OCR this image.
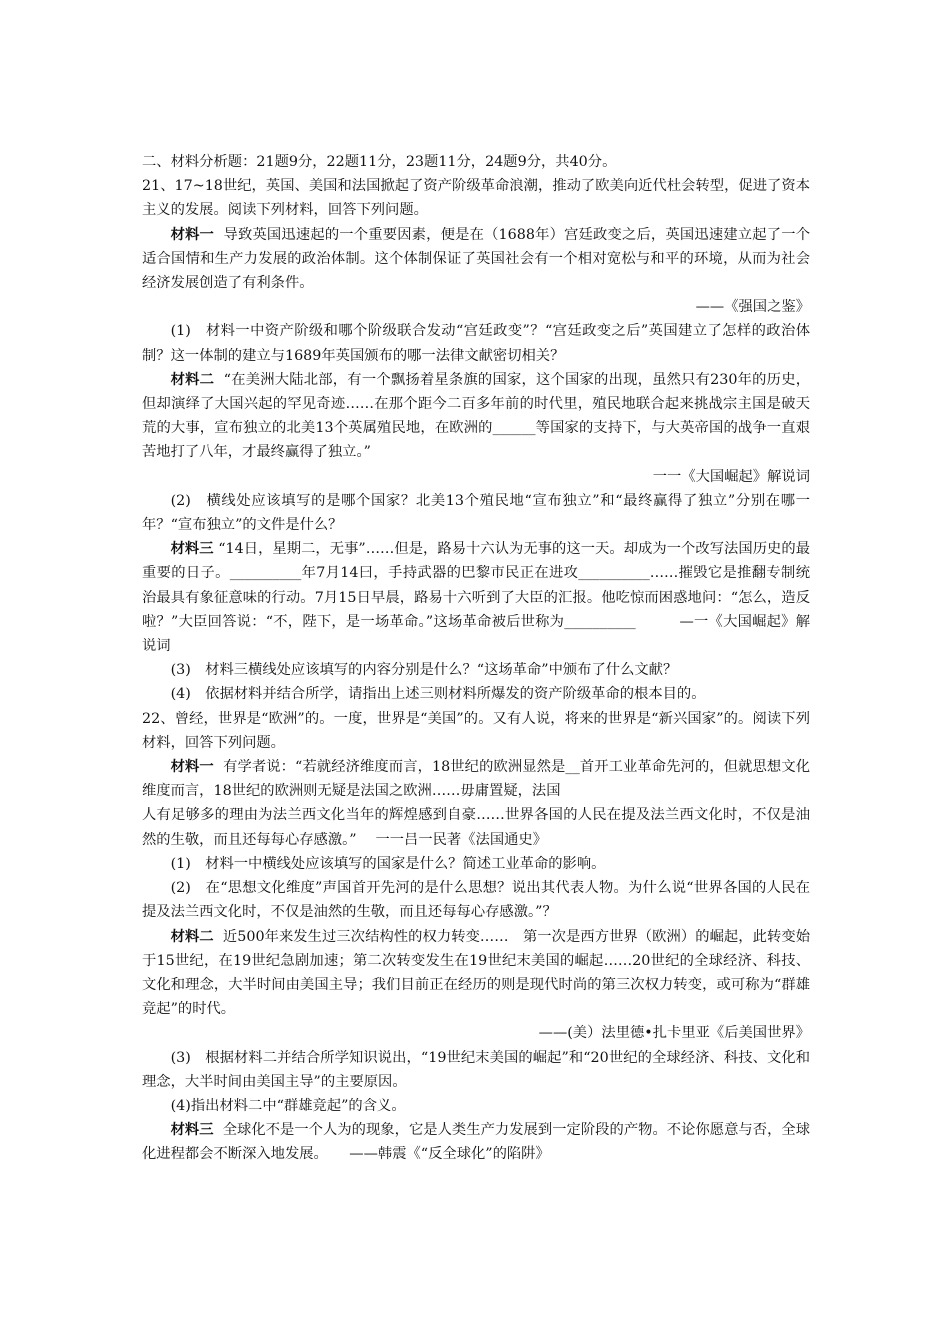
二、材料分析题：21题9分，22题11分，23题11分，24题9分，共40分。

21、17~18世纪，英国、美国和法国掀起了资产阶级革命浪潮，推动了欧美向近代杜会转型，促进了资本主义的发展。阅读下列材料，回答下列问题。

材料一 导致英国迅速起的一个重要因素，便是在（1688年）宫廷政变之后，英国迅速建立起了一个适合国情和生产力发展的政治体制。这个体制保证了英国社会有一个相对宽松与和平的环境，从而为社会经济发展创造了有利条件。

——《强国之鉴》

(1)　材料一中资产阶级和哪个阶级联合发动“宫廷政变”？“宫廷政变之后”英国建立了怎样的政治体制？这一体制的建立与1689年英国颁布的哪一法律文献密切相关？

材料二 “在美洲大陆北部，有一个飘扬着星条旗的国家，这个国家的出现，虽然只有230年的历史，但却演绎了大国兴起的罕见奇迹……在那个距今二百多年前的时代里，殖民地联合起来挑战宗主国是破天荒的大事，宣布独立的北美13个英属殖民地，在欧洲的______等国家的支持下，与大英帝国的战争一直艰苦地打了八年，才最终赢得了独立。”

一一《大国崛起》解说词

(2)　横线处应该填写的是哪个国家？北美13个殖民地“宣布独立”和“最终赢得了独立”分别在哪一年？“宣布独立”的文件是什么？

材料三 “14日，星期二，无事”……但是，路易十六认为无事的这一天。却成为一个改写法国历史的最重要的日子。__________年7月14曰，手持武器的巴黎市民正在进攻__________……摧毁它是推翻专制统治最具有象征意味的行动。7月15日早晨，路易十六听到了大臣的汇报。他吃惊而困惑地问：“怎么，造反啦？”大臣回答说：“不，陛下，是一场革命。”这场革命被后世称为__________　　　—一《大国崛起》解说词

(3)　材料三横线处应该填写的内容分别是什么？“这场革命”中颁布了什么文献？

(4)　依据材料并结合所学，请指出上述三则材料所爆发的资产阶级革命的根本目的。

22、曾经，世界是“欧洲”的。一度，世界是“美国”的。又有人说，将来的世界是“新兴国家”的。阅读下列材料，回答下列问题。

材料一 有学者说：“若就经济维度而言，18世纪的欧洲显然是__首开工业革命先河的，但就思想文化维度而言，18世纪的欧洲则无疑是法国之欧洲……毋庸置疑，法国

人有足够多的理由为法兰西文化当年的辉煌感到自豪……世界各国的人民在提及法兰西文化时，不仅是油然的生敬，而且还每每心存感激。”　 一一吕一民著《法国通史》

(1)　材料一中横线处应该填写的国家是什么？简述工业革命的影响。

(2)　在“思想文化维度”声国首开先河的是什么思想？说出其代表人物。为什么说“世界各国的人民在提及法兰西文化时，不仅是油然的生敬，而且还每每心存感激。”？

材料二 近500年来发生过三次结构性的权力转变……　第一次是西方世界（欧洲）的崛起，此转变始于15世纪，在19世纪急剧加速；第二次转变发生在19世纪末美国的崛起……20世纪的全球经济、科技、文化和理念，大半时间由美国主导；我们目前正在经历的则是现代时尚的第三次权力转变，或可称为“群雄竞起”的时代。

——(美）法里德•扎卡里亚《后美国世界》

(3)　根据材料二并结合所学知识说出，“19世纪末美国的崛起”和“20世纪的全球经济、科技、文化和理念，大半时间由美国主导”的主要原因。

(4)指出材料二中“群雄竞起”的含义。

材料三 全球化不是一个人为的现象，它是人类生产力发展到一定阶段的产物。不论你愿意与否，全球化进程都会不断深入地发展。　　——韩震《“反全球化”的陷阱》
